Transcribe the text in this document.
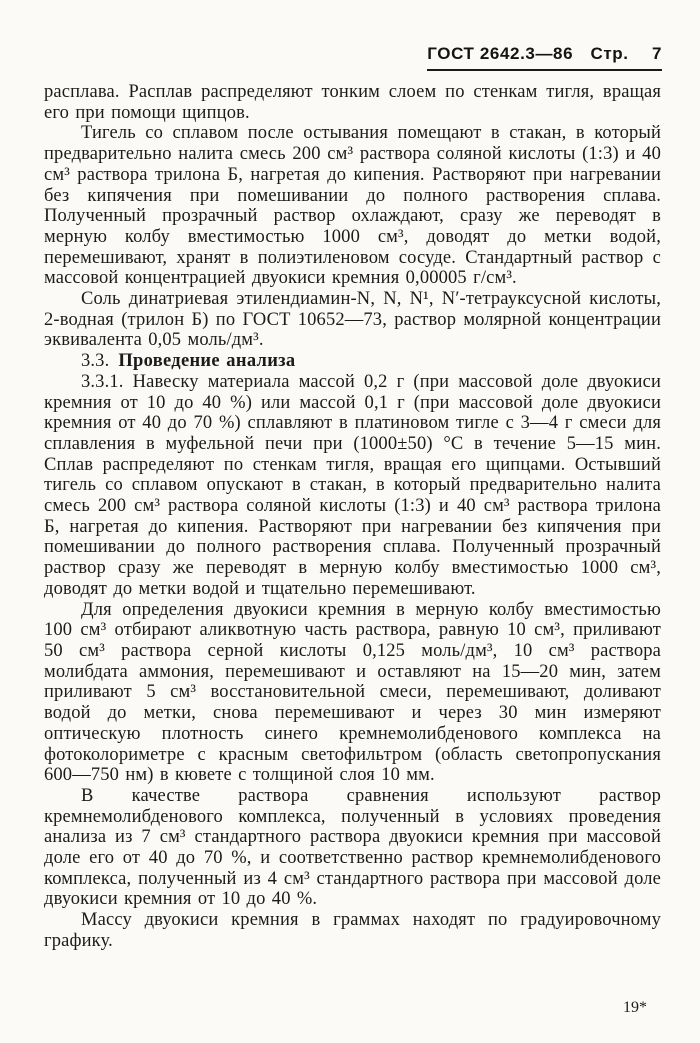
ГОСТ 2642.3—86 Стр. 7

расплава. Расплав распределяют тонким слоем по стенкам тигля, вращая его при помощи щипцов.

Тигель со сплавом после остывания помещают в стакан, в который предварительно налита смесь 200 см³ раствора соляной кислоты (1:3) и 40 см³ раствора трилона Б, нагретая до кипения. Растворяют при нагревании без кипячения при помешивании до полного растворения сплава. Полученный прозрачный раствор охлаждают, сразу же переводят в мерную колбу вместимостью 1000 см³, доводят до метки водой, перемешивают, хранят в полиэтиленовом сосуде. Стандартный раствор с массовой концентрацией двуокиси кремния 0,00005 г/см³.

Соль динатриевая этилендиамин-N, N, N¹, N′-тетрауксусной кислоты, 2-водная (трилон Б) по ГОСТ 10652—73, раствор молярной концентрации эквивалента 0,05 моль/дм³.

3.3. Проведение анализа

3.3.1. Навеску материала массой 0,2 г (при массовой доле двуокиси кремния от 10 до 40 %) или массой 0,1 г (при массовой доле двуокиси кремния от 40 до 70 %) сплавляют в платиновом тигле с 3—4 г смеси для сплавления в муфельной печи при (1000±50) °С в течение 5—15 мин. Сплав распределяют по стенкам тигля, вращая его щипцами. Остывший тигель со сплавом опускают в стакан, в который предварительно налита смесь 200 см³ раствора соляной кислоты (1:3) и 40 см³ раствора трилона Б, нагретая до кипения. Растворяют при нагревании без кипячения при помешивании до полного растворения сплава. Полученный прозрачный раствор сразу же переводят в мерную колбу вместимостью 1000 см³, доводят до метки водой и тщательно перемешивают.

Для определения двуокиси кремния в мерную колбу вместимостью 100 см³ отбирают аликвотную часть раствора, равную 10 см³, приливают 50 см³ раствора серной кислоты 0,125 моль/дм³, 10 см³ раствора молибдата аммония, перемешивают и оставляют на 15—20 мин, затем приливают 5 см³ восстановительной смеси, перемешивают, доливают водой до метки, снова перемешивают и через 30 мин измеряют оптическую плотность синего кремнемолибденового комплекса на фотоколориметре с красным светофильтром (область светопропускания 600—750 нм) в кювете с толщиной слоя 10 мм.

В качестве раствора сравнения используют раствор кремнемолибденового комплекса, полученный в условиях проведения анализа из 7 см³ стандартного раствора двуокиси кремния при массовой доле его от 40 до 70 %, и соответственно раствор кремнемолибденового комплекса, полученный из 4 см³ стандартного раствора при массовой доле двуокиси кремния от 10 до 40 %.

Массу двуокиси кремния в граммах находят по градуировочному графику.

19*
